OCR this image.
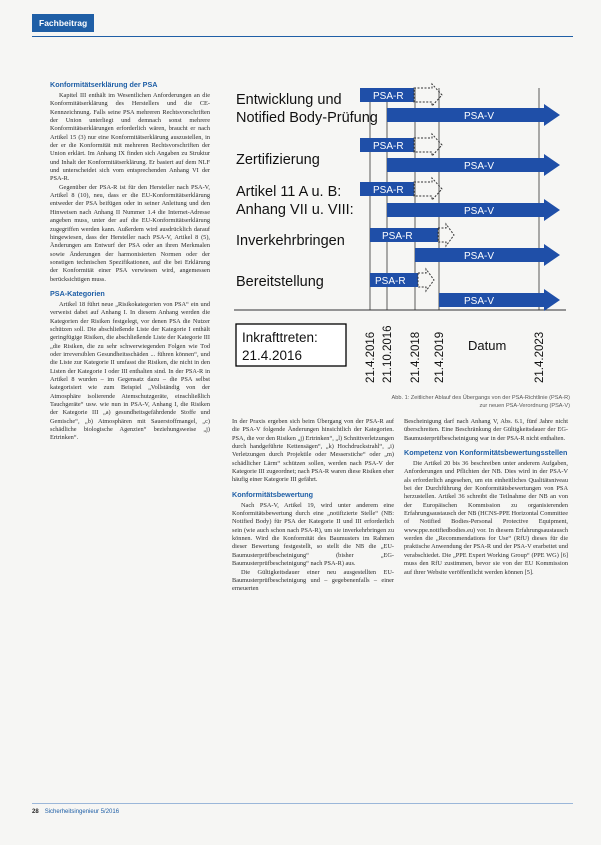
Fachbeitrag
Konformitätserklärung der PSA

Kapitel III enthält im Wesentlichen Anforderungen an die Konformitätserklärung des Herstellers und die CE-Kennzeichnung. Falls seine PSA mehreren Rechtsvorschriften der Union unterliegt und demnach sonst mehrere Konformitätserklärungen erforderlich wären, braucht er nach Artikel 15 (3) nur eine Konformitätserklärung auszustellen, in der er die Konformität mit mehreren Rechtsvorschriften der Union erklärt. Im Anhang IX finden sich Angaben zu Struktur und Inhalt der Konformitätserklärung. Er basiert auf dem NLF und unterscheidet sich vom entsprechenden Anhang VI der PSA-R.

Gegenüber der PSA-R ist für den Hersteller nach PSA-V, Artikel 8 (10), neu, dass er die EU-Konformitätserklärung entweder der PSA beifügen oder in seiner Anleitung und den Hinweisen nach Anhang II Nummer 1.4 die Internet-Adresse angeben muss, unter der auf die EU-Konformitätserklärung zugegriffen werden kann. Außerdem wird ausdrücklich darauf hingewiesen, dass der Hersteller nach PSA-V, Artikel 8 (5), Änderungen am Entwurf der PSA oder an ihren Merkmalen sowie Änderungen der harmonisierten Normen oder der sonstigen technischen Spezifikationen, auf die bei Erklärung der Konformität einer PSA verwiesen wird, angemessen berücksichtigen muss.

PSA-Kategorien

Artikel 18 führt neue „Risikokategorien von PSA“ ein und verweist dabei auf Anhang I. In diesem Anhang werden die Kategorien der Risiken festgelegt, vor denen PSA die Nutzer schützen soll. Die abschließende Liste der Kategorie I enthält geringfügige Risiken, die abschließende Liste der Kategorie III „die Risiken, die zu sehr schwerwiegenden Folgen wie Tod oder irreversiblen Gesundheitsschäden ... führen können“, und die Liste zur Kategorie II umfasst die Risiken, die nicht in den Listen der Kategorie I oder III enthalten sind. In der PSA-R in Artikel 8 wurden – im Gegensatz dazu – die PSA selbst kategorisiert wie zum Beispiel „Vollständig von der Atmosphäre isolierende Atemschutzgeräte, einschließlich Tauchgeräte“ usw. wie nun in PSA-V, Anhang I, die Risiken der Kategorie III „a) gesundheitsgefährdende Stoffe und Gemische“, „b) Atmosphären mit Sauerstoffmangel, „c) schädliche biologische Agenzien“ beziehungsweise „j) Ertrinken“.

Entwicklung und
Notified Body-Prüfung
PSA-R
PSA-V
Zertifizierung
PSA-R
PSA-V
Artikel 11 A u. B:
Anhang VII u. VIII:
PSA-R
PSA-V
Inverkehrbringen	PSA-R
PSA-V
Bereitstellung	PSA-R
PSA-V
Inkrafttreten:
21.4.2016	21.4.2016 21.10.2016 21.4.2018 21.4.2019	21.4.2023
Datum
Abb. 1: Zeitlicher Ablauf des Übergangs von der PSA-Richtlinie (PSA-R)
zur neuen PSA-Verordnung (PSA-V)

In der Praxis ergeben sich beim Übergang von der PSA-R auf die PSA-V folgende Änderungen hinsichtlich der Kategorien. PSA, die vor den Risiken „j) Ertrinken“, „l) Schnittverletzungen durch handgeführte Kettensägen“, „k) Hochdruckstrahl“, „i) Verletzungen durch Projektile oder Messerstiche“ oder „m) schädlicher Lärm“ schützen sollen, werden nach PSA-V der Kategorie III zugeordnet; nach PSA-R waren diese Risiken eher häufig einer Kategorie III gefährt.

Konformitätsbewertung

Nach PSA-V, Artikel 19, wird unter anderem eine Konformitätsbewertung durch eine „notifizierte Stelle“ (NB: Notified Body) für PSA der Kategorie II und III erforderlich sein (wie auch schon nach PSA-R), um sie inverkehrbringen zu können. Wird die Konformität des Baumusters im Rahmen dieser Bewertung festgestellt, so stellt die NB die „EU-Baumusterprüfbescheinigung“ (bisher „EG-Baumusterprüfbescheinigung“ nach PSA-R) aus.

Die Gültigkeitsdauer einer neu ausgestellten EU-Baumusterprüfbescheinigung und – gegebenenfalls – einer erneuerten

Bescheinigung darf nach Anhang V, Abs. 6.1, fünf Jahre nicht überschreiten. Eine Beschränkung der Gültigkeitsdauer der EG-Baumusterprüfbescheinigung war in der PSA-R nicht enthalten.

Kompetenz von Konformitätsbewertungsstellen

Die Artikel 20 bis 36 beschreiben unter anderem Aufgaben, Anforderungen und Pflichten der NB. Dies wird in der PSA-V als erforderlich angesehen, um ein einheitliches Qualitätsniveau bei der Durchführung der Konformitätsbewertungen von PSA herzustellen. Artikel 36 schreibt die Teilnahme der NB an von der Europäischen Kommission zu organisierenden Erfahrungsaustausch der NB (HCNS-PPE Horizontal Committee of Notified Bodies-Personal Protective Equipment, www.ppe.notifiedbodies.eu) vor. In diesem Erfahrungsaustausch werden die „Recommendations for Use“ (RfU) dieses für die praktische Anwendung der PSA-R und der PSA-V erarbeitet und verabschiedet. Die „PPE Expert Working Group“ (PPE WG) [6] muss den RfU zustimmen, bevor sie von der EU Kommission auf ihrer Website veröffentlicht werden können [5].

28 Sicherheitsingenieur 5/2016
